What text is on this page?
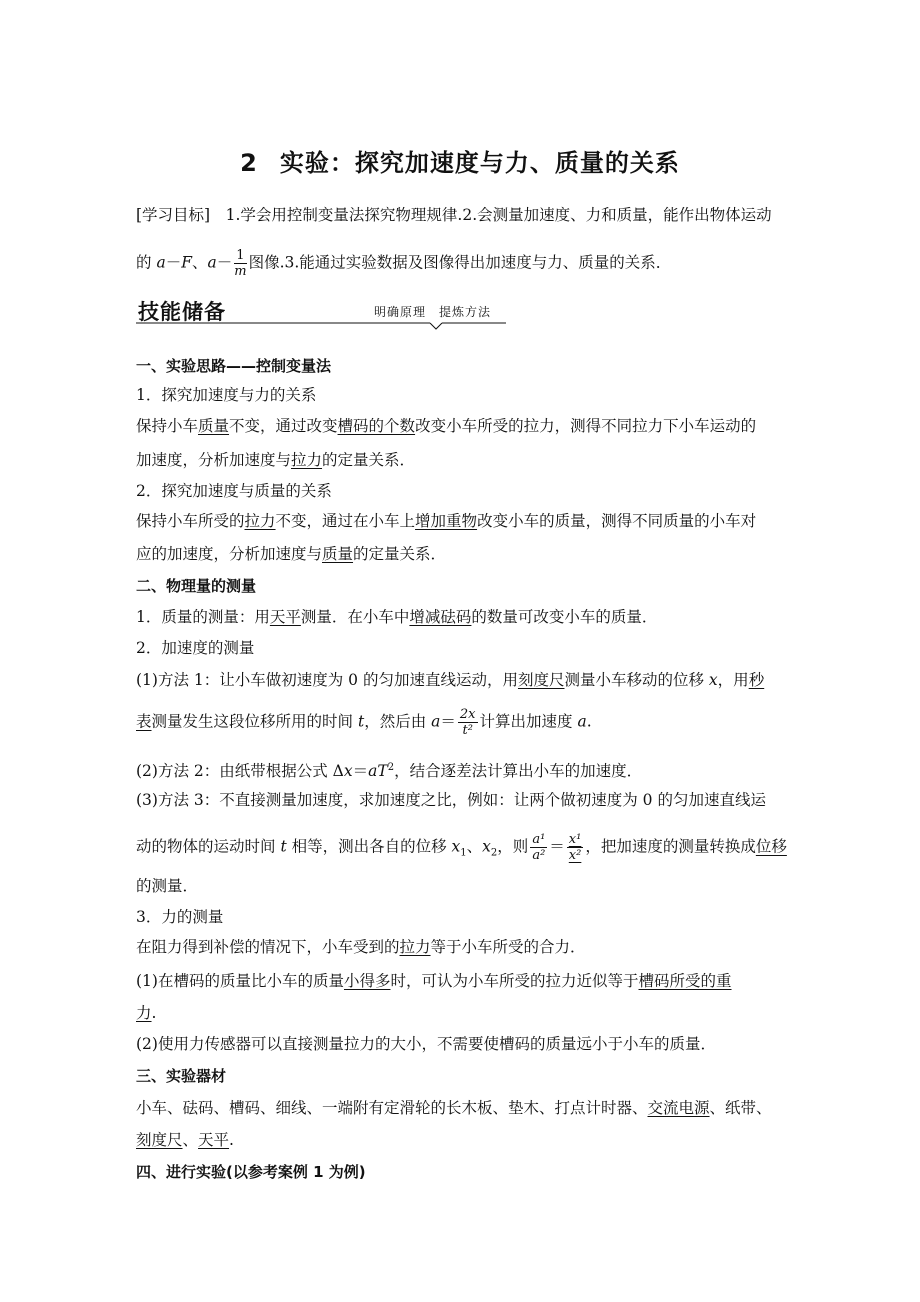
2 实验：探究加速度与力、质量的关系
[学习目标]　 1.学会用控制变量法探究物理规律.2.会测量加速度、力和质量，能作出物体运动
的 a－F、$a- \frac{1}{m}$ 图像.3.能通过实验数据及图像得出加速度与力、质量的关系．
技能储备	明确原理　提炼方法
一、实验思路——控制变量法
1．探究加速度与力的关系
保持小车质量不变，通过改变槽码的个数改变小车所受的拉力，测得不同拉力下小车运动的
加速度，分析加速度与拉力的定量关系．
2．探究加速度与质量的关系
保持小车所受的拉力不变，通过在小车上增加重物改变小车的质量，测得不同质量的小车对
应的加速度，分析加速度与质量的定量关系．
二、物理量的测量
1．质量的测量：用天平测量．在小车中增减砝码的数量可改变小车的质量．
2．加速度的测量
(1)方法 1：让小车做初速度为 0 的匀加速直线运动，用刻度尺测量小车移动的位移 x，用秒
表测量发生这段位移所用的时间 t，然后由 $a= \frac{2x}{\text{t²}}$ 计算出加速度 a.
(2)方法 2：由纸带根据公式 $\Delta x=aT^2$，结合逐差法计算出小车的加速度．
(3)方法 3：不直接测量加速度，求加速度之比，例如：让两个做初速度为 0 的匀加速直线运
动的物体的运动时间 t 相等，测出各自的位移 $x_1$、$x_2$，则 $\frac{\text{a¹}}{\text{a²}} = \frac{\text{x¹}}{\text{x²}}$ ，把加速度的测量转换成位移
的测量．
3．力的测量
在阻力得到补偿的情况下，小车受到的拉力等于小车所受的合力．
(1)在槽码的质量比小车的质量小得多时，可认为小车所受的拉力近似等于槽码所受的重
力.
(2)使用力传感器可以直接测量拉力的大小，不需要使槽码的质量远小于小车的质量．
三、实验器材
小车、砝码、槽码、细线、一端附有定滑轮的长木板、垫木、打点计时器、交流电源、纸带、
刻度尺、天平.
四、进行实验(以参考案例 1 为例)
